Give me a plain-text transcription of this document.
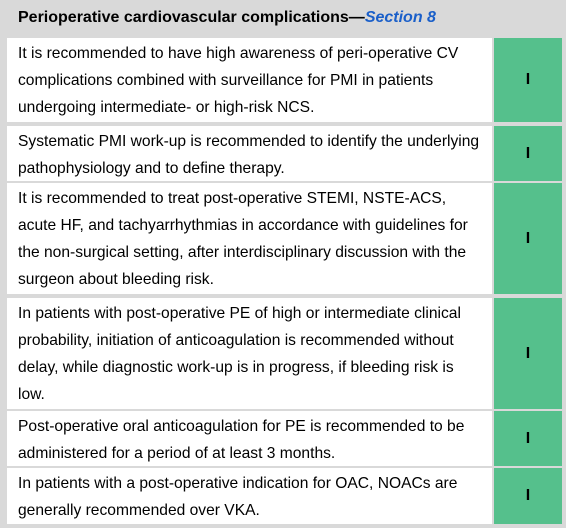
Perioperative cardiovascular complications— Section 8
It is recommended to have high awareness of peri-operative CV complications combined with surveillance for PMI in patients undergoing intermediate- or high-risk NCS.
I
Systematic PMI work-up is recommended to identify the underlying pathophysiology and to define therapy.
I
It is recommended to treat post-operative STEMI, NSTE-ACS, acute HF, and tachyarrhythmias in accordance with guidelines for the non-surgical setting, after interdisciplinary discussion with the surgeon about bleeding risk.
I
In patients with post-operative PE of high or intermediate clinical probability, initiation of anticoagulation is recommended without delay, while diagnostic work-up is in progress, if bleeding risk is low.
I
Post-operative oral anticoagulation for PE is recommended to be administered for a period of at least 3 months.
I
In patients with a post-operative indication for OAC, NOACs are generally recommended over VKA.
I
